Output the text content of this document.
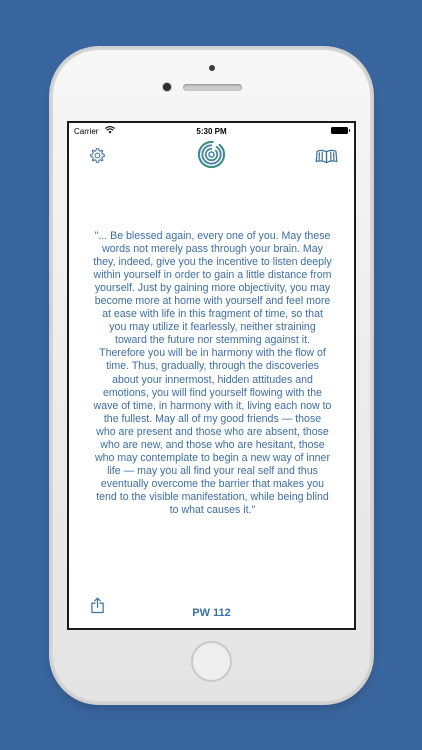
Carrier	5:30 PM
"... Be blessed again, every one of you. May these words not merely pass through your brain. May they, indeed, give you the incentive to listen deeply within yourself in order to gain a little distance from yourself. Just by gaining more objectivity, you may become more at home with yourself and feel more at ease with life in this fragment of time, so that you may utilize it fearlessly, neither straining toward the future nor stemming against it. Therefore you will be in harmony with the flow of time. Thus, gradually, through the discoveries about your innermost, hidden attitudes and emotions, you will find yourself flowing with the wave of time, in harmony with it, living each now to the fullest. May all of my good friends — those who are present and those who are absent, those who are new, and those who are hesitant, those who may contemplate to begin a new way of inner life — may you all find your real self and thus eventually overcome the barrier that makes you tend to the visible manifestation, while being blind to what causes it."
PW 112
